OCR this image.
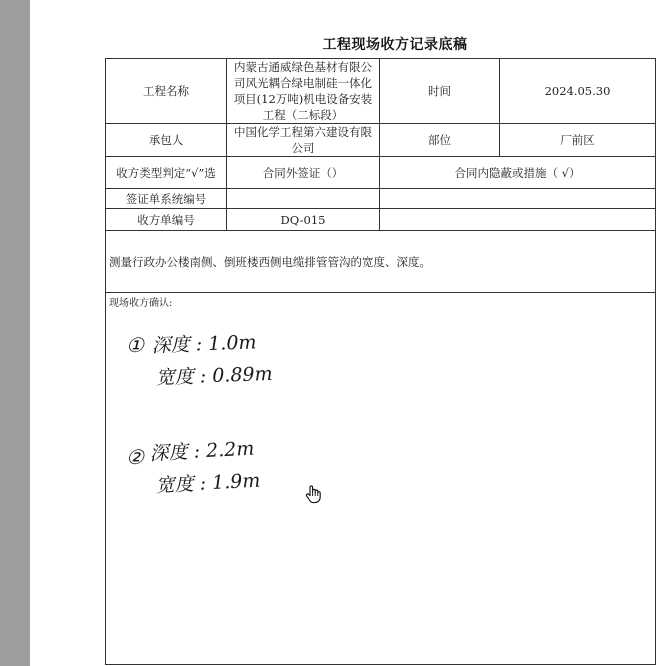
工程现场收方记录底稿
工程名称	内蒙古通威绿色基材有限公司风光耦合绿电制硅一体化项目(12万吨)机电设备安装工程（二标段）	时间	2024.05.30
承包人	中国化学工程第六建设有限公司	部位	厂前区
收方类型判定“√”选	合同外签证（）	合同内隐蔽或措施（ √）	
签证单系统编号			
收方单编号	DQ-015		
测量行政办公楼南侧、倒班楼西侧电缆排管管沟的宽度、深度。			

现场收方确认:			
① 深度 : 1.0m
宽度 : 0.89m
② 深度 : 2.2m
宽度 : 1.9m
